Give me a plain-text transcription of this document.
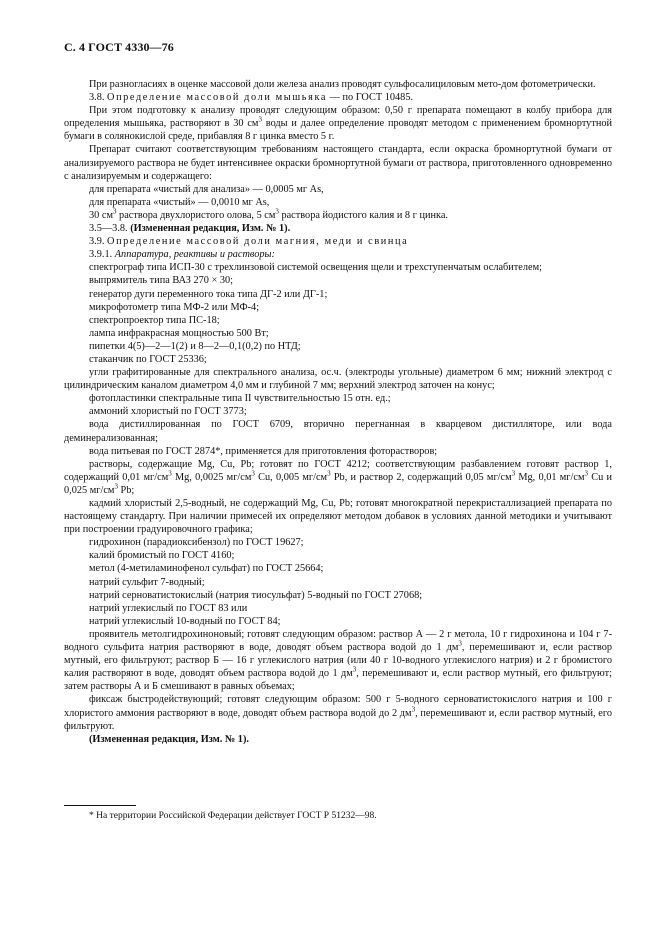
С. 4 ГОСТ 4330—76

При разногласиях в оценке массовой доли железа анализ проводят сульфосалициловым мето-дом фотометрически.

3.8. Определение массовой доли мышьяка — по ГОСТ 10485.

При этом подготовку к анализу проводят следующим образом: 0,50 г препарата помещают в колбу прибора для определения мышьяка, растворяют в 30 $см^3$ воды и далее определение проводят методом с применением бромнортутной бумаги в солянокислой среде, прибавляя 8 г цинка вместо 5 г.

Препарат считают соответствующим требованиям настоящего стандарта, если окраска бромнортутной бумаги от анализируемого раствора не будет интенсивнее окраски бромнортутной бумаги от раствора, приготовленного одновременно с анализируемым и содержащего:

для препарата «чистый для анализа» — 0,0005 мг As,

для препарата «чистый» — 0,0010 мг As,

30 $см^3$ раствора двухлористого олова, 5 $см^3$ раствора йодистого калия и 8 г цинка.

3.5—3.8. (Измененная редакция, Изм. № 1).

3.9. Определение массовой доли магния, меди и свинца

3.9.1. Аппаратура, реактивы и растворы:

спектрограф типа ИСП-30 с трехлинзовой системой освещения щели и трехступенчатым ослабителем;

выпрямитель типа ВАЗ 270 × 30;

генератор дуги переменного тока типа ДГ-2 или ДГ-1;

микрофотометр типа МФ-2 или МФ-4;

спектропроектор типа ПС-18;

лампа инфракрасная мощностью 500 Вт;

пипетки 4(5)—2—1(2) и 8—2—0,1(0,2) по НТД;

стаканчик по ГОСТ 25336;

угли графитированные для спектрального анализа, ос.ч. (электроды угольные) диаметром 6 мм; нижний электрод с цилиндрическим каналом диаметром 4,0 мм и глубиной 7 мм; верхний электрод заточен на конус;

фотопластинки спектральные типа II чувствительностью 15 отн. ед.;

аммоний хлористый по ГОСТ 3773;

вода дистиллированная по ГОСТ 6709, вторично перегнанная в кварцевом дистилляторе, или вода деминерализованная;

вода питьевая по ГОСТ 2874*, применяется для приготовления фоторастворов;

растворы, содержащие Mg, Cu, Pb; готовят по ГОСТ 4212; соответствующим разбавлением готовят раствор 1, содержащий 0,01 $мг/см^3$ Mg, 0,0025 $мг/см^3$ Cu, 0,005 $мг/см^3$ Pb, и раствор 2, содержащий 0,05 $мг/см^3$ Mg, 0,01 $мг/см^3$ Cu и 0,025 $мг/см^3$ Pb;

кадмий хлористый 2,5-водный, не содержащий Mg, Cu, Pb; готовят многократной перекристаллизацией препарата по настоящему стандарту. При наличии примесей их определяют методом добавок в условиях данной методики и учитывают при построении градуировочного графика;

гидрохинон (парадиоксибензол) по ГОСТ 19627;

калий бромистый по ГОСТ 4160;

метол (4-метиламинофенол сульфат) по ГОСТ 25664;

натрий сульфит 7-водный;

натрий серноватистокислый (натрия тиосульфат) 5-водный по ГОСТ 27068;

натрий углекислый по ГОСТ 83 или

натрий углекислый 10-водный по ГОСТ 84;

проявитель метолгидрохиноновый; готовят следующим образом: раствор А — 2 г метола, 10 г гидрохинона и 104 г 7-водного сульфита натрия растворяют в воде, доводят объем раствора водой до 1 $дм^3$, перемешивают и, если раствор мутный, его фильтруют; раствор Б — 16 г углекислого натрия (или 40 г 10-водного углекислого натрия) и 2 г бромистого калия растворяют в воде, доводят объем раствора водой до 1 $дм^3$, перемешивают и, если раствор мутный, его фильтруют; затем растворы А и Б смешивают в равных объемах;

фиксаж быстродействующий; готовят следующим образом: 500 г 5-водного серноватистокислого натрия и 100 г хлористого аммония растворяют в воде, доводят объем раствора водой до 2 $дм^3$, перемешивают и, если раствор мутный, его фильтруют.

(Измененная редакция, Изм. № 1).

* На территории Российской Федерации действует ГОСТ Р 51232—98.
